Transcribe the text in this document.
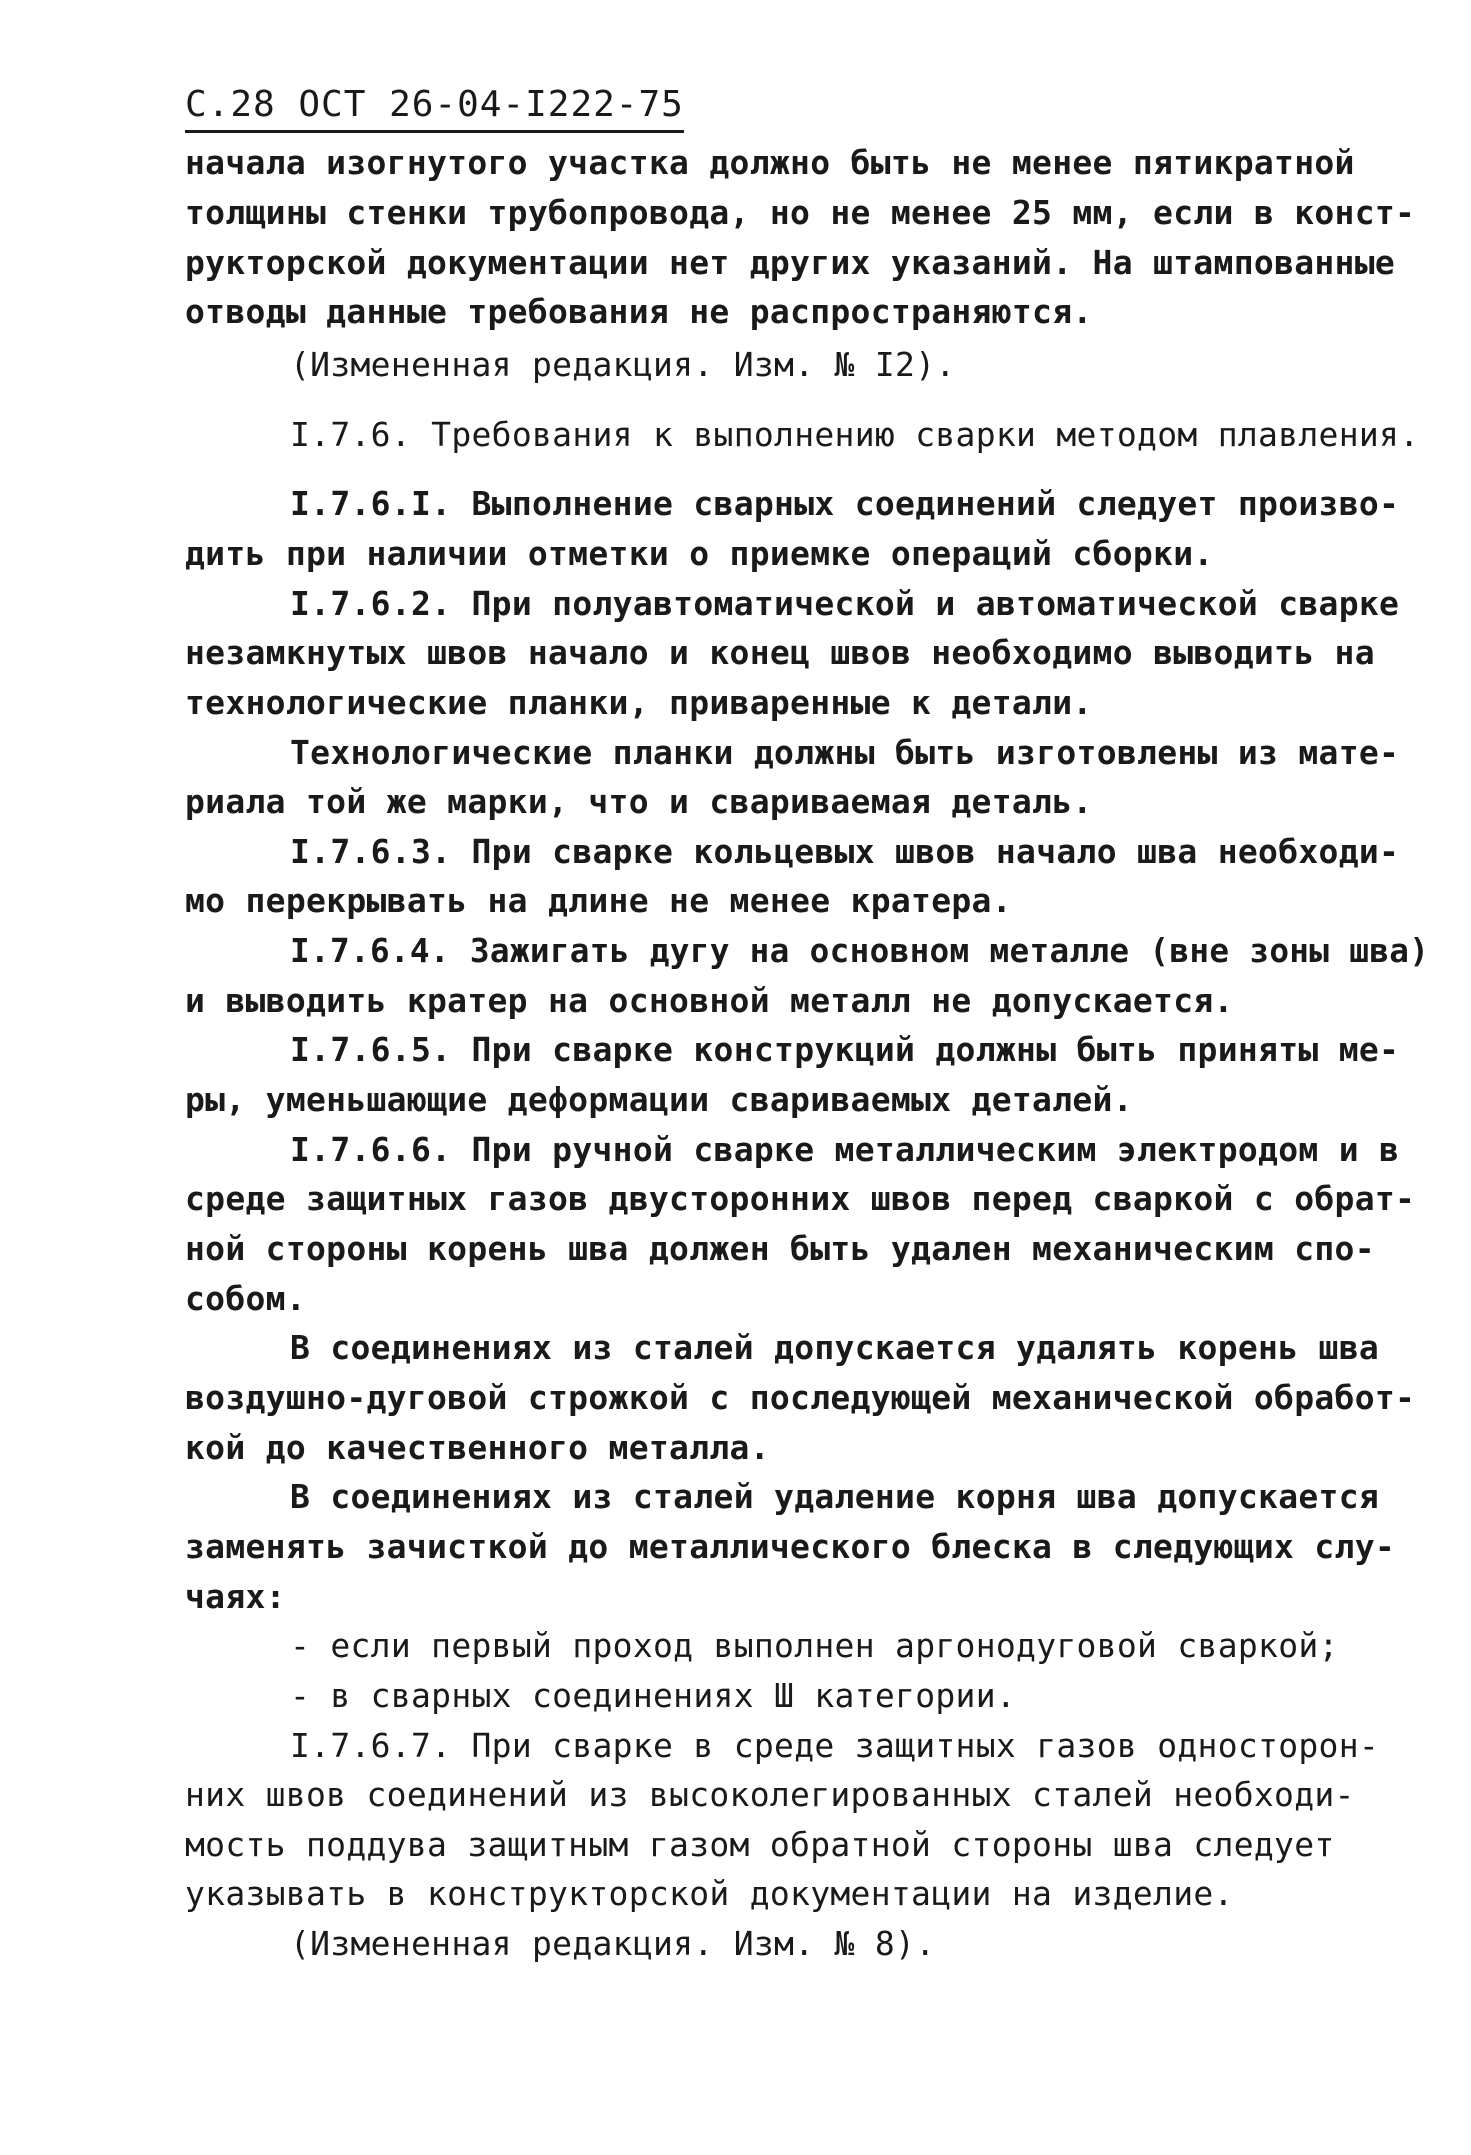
С.28 ОСТ 26-04-I222-75
начала изогнутого участка должно быть не менее пятикратной
толщины стенки трубопровода, но не менее 25 мм, если в конст-
рукторской документации нет других указаний. На штампованные
отводы данные требования не распространяются.
(Измененная редакция. Изм. № I2).
I.7.6. Требования к выполнению сварки методом плавления.
I.7.6.I. Выполнение сварных соединений следует произво-
дить при наличии отметки о приемке операций сборки.
I.7.6.2. При полуавтоматической и автоматической сварке
незамкнутых швов начало и конец швов необходимо выводить на
технологические планки, приваренные к детали.
Технологические планки должны быть изготовлены из мате-
риала той же марки, что и свариваемая деталь.
I.7.6.3. При сварке кольцевых швов начало шва необходи-
мо перекрывать на длине не менее кратера.
I.7.6.4. Зажигать дугу на основном металле (вне зоны шва)
и выводить кратер на основной металл не допускается.
I.7.6.5. При сварке конструкций должны быть приняты ме-
ры, уменьшающие деформации свариваемых деталей.
I.7.6.6. При ручной сварке металлическим электродом и в
среде защитных газов двусторонних швов перед сваркой с обрат-
ной стороны корень шва должен быть удален механическим спо-
собом.
В соединениях из сталей допускается удалять корень шва
воздушно-дуговой строжкой с последующей механической обработ-
кой до качественного металла.
В соединениях из сталей удаление корня шва допускается
заменять зачисткой до металлического блеска в следующих слу-
чаях:
- если первый проход выполнен аргонодуговой сваркой;
- в сварных соединениях Ш категории.
I.7.6.7. При сварке в среде защитных газов односторон-
них швов соединений из высоколегированных сталей необходи-
мость поддува защитным газом обратной стороны шва следует
указывать в конструкторской документации на изделие.
(Измененная редакция. Изм. № 8).
